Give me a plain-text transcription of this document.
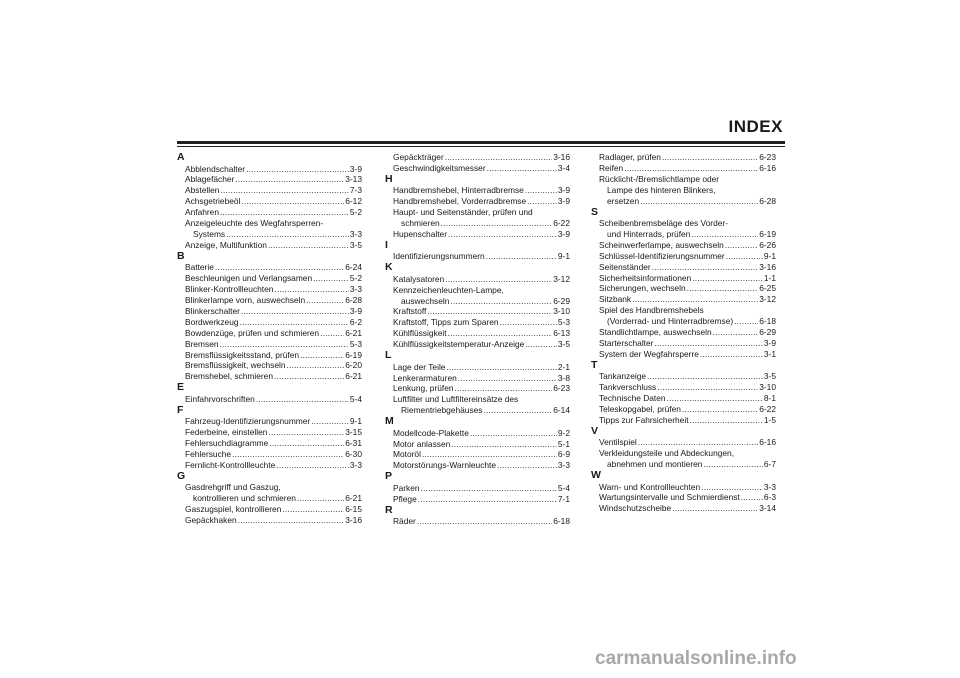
INDEX
A
Abblendschalter .....	3-9
Ablagefächer .....	3-13
Abstellen .....	7-3
Achsgetriebeöl .....	6-12
Anfahren .....	5-2
Anzeigeleuchte des Wegfahrsperren-
Systems .....	3-3
Anzeige, Multifunktion .....	3-5
B
Batterie .....	6-24
Beschleunigen und Verlangsamen .....	5-2
Blinker-Kontrollleuchten .....	3-3
Blinkerlampe vorn, auswechseln .....	6-28
Blinkerschalter .....	3-9
Bordwerkzeug .....	6-2
Bowdenzüge, prüfen und schmieren .....	6-21
Bremsen .....	5-3
Bremsflüssigkeitsstand, prüfen .....	6-19
Bremsflüssigkeit, wechseln .....	6-20
Bremshebel, schmieren .....	6-21
E
Einfahrvorschriften .....	5-4
F
Fahrzeug-Identifizierungsnummer .....	9-1
Federbeine, einstellen .....	3-15
Fehlersuchdiagramme .....	6-31
Fehlersuche .....	6-30
Fernlicht-Kontrollleuchte .....	3-3
G
Gasdrehgriff und Gaszug,
kontrollieren und schmieren .....	6-21
Gaszugspiel, kontrollieren .....	6-15
Gepäckhaken .....	3-16
Gepäckträger .....	3-16
Geschwindigkeitsmesser .....	3-4
H
Handbremshebel, Hinterradbremse .....	3-9
Handbremshebel, Vorderradbremse .....	3-9
Haupt- und Seitenständer, prüfen und
schmieren .....	6-22
Hupenschalter .....	3-9
I
Identifizierungsnummern .....	9-1
K
Katalysatoren .....	3-12
Kennzeichenleuchten-Lampe,
auswechseln .....	6-29
Kraftstoff .....	3-10
Kraftstoff, Tipps zum Sparen .....	5-3
Kühlflüssigkeit .....	6-13
Kühlflüssigkeitstemperatur-Anzeige .....	3-5
L
Lage der Teile .....	2-1
Lenkerarmaturen .....	3-8
Lenkung, prüfen .....	6-23
Luftfilter und Luftfiltereinsätze des
Riementriebgehäuses .....	6-14
M
Modellcode-Plakette .....	9-2
Motor anlassen .....	5-1
Motoröl .....	6-9
Motorstörungs-Warnleuchte .....	3-3
P
Parken .....	5-4
Pflege .....	7-1
R
Räder .....	6-18
Radlager, prüfen .....	6-23
Reifen .....	6-16
Rücklicht-/Bremslichtlampe oder
Lampe des hinteren Blinkers,
ersetzen .....	6-28
S
Scheibenbremsbeläge des Vorder-
und Hinterrads, prüfen .....	6-19
Scheinwerferlampe, auswechseln .....	6-26
Schlüssel-Identifizierungsnummer .....	9-1
Seitenständer .....	3-16
Sicherheitsinformationen .....	1-1
Sicherungen, wechseln .....	6-25
Sitzbank .....	3-12
Spiel des Handbremshebels
(Vorderrad- und Hinterradbremse) .....	6-18
Standlichtlampe, auswechseln .....	6-29
Starterschalter .....	3-9
System der Wegfahrsperre .....	3-1
T
Tankanzeige .....	3-5
Tankverschluss .....	3-10
Technische Daten .....	8-1
Teleskopgabel, prüfen .....	6-22
Tipps zur Fahrsicherheit .....	1-5
V
Ventilspiel .....	6-16
Verkleidungsteile und Abdeckungen,
abnehmen und montieren .....	6-7
W
Warn- und Kontrollleuchten .....	3-3
Wartungsintervalle und Schmierdienst .....	6-3
Windschutzscheibe .....	3-14
carmanualsonline.info
